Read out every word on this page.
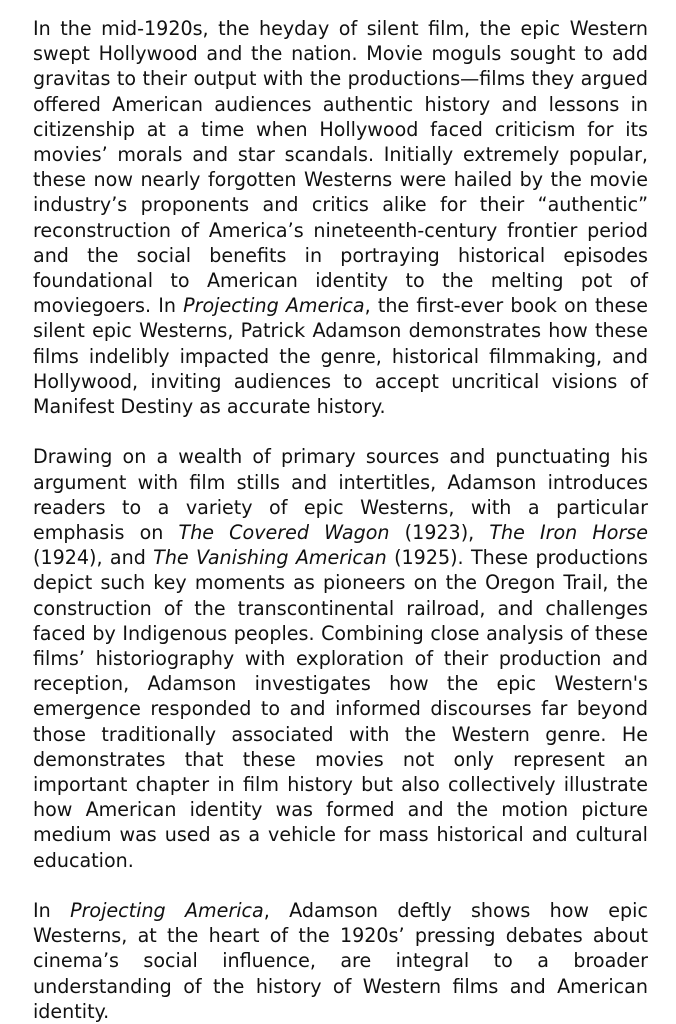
In the mid-1920s, the heyday of silent film, the epic Western swept Hollywood and the nation. Movie moguls sought to add gravitas to their output with the productions—films they argued offered American audiences authentic history and lessons in citizenship at a time when Hollywood faced criticism for its movies’ morals and star scandals. Initially extremely popular, these now nearly forgotten Westerns were hailed by the movie industry’s proponents and critics alike for their “authentic” reconstruction of America’s nineteenth-century frontier period and the social benefits in portraying historical episodes foundational to American identity to the melting pot of moviegoers. In Projecting America, the first-ever book on these silent epic Westerns, Patrick Adamson demonstrates how these films indelibly impacted the genre, historical filmmaking, and Hollywood, inviting audiences to accept uncritical visions of Manifest Destiny as accurate history.

Drawing on a wealth of primary sources and punctuating his argument with film stills and intertitles, Adamson introduces readers to a variety of epic Westerns, with a particular emphasis on The Covered Wagon (1923), The Iron Horse (1924), and The Vanishing American (1925). These productions depict such key moments as pioneers on the Oregon Trail, the construction of the transcontinental railroad, and challenges faced by Indigenous peoples. Combining close analysis of these films’ historiography with exploration of their production and reception, Adamson investigates how the epic Western's emergence responded to and informed discourses far beyond those traditionally associated with the Western genre. He demonstrates that these movies not only represent an important chapter in film history but also collectively illustrate how American identity was formed and the motion picture medium was used as a vehicle for mass historical and cultural education.

In Projecting America, Adamson deftly shows how epic Westerns, at the heart of the 1920s’ pressing debates about cinema’s social influence, are integral to a broader understanding of the history of Western films and American identity.
